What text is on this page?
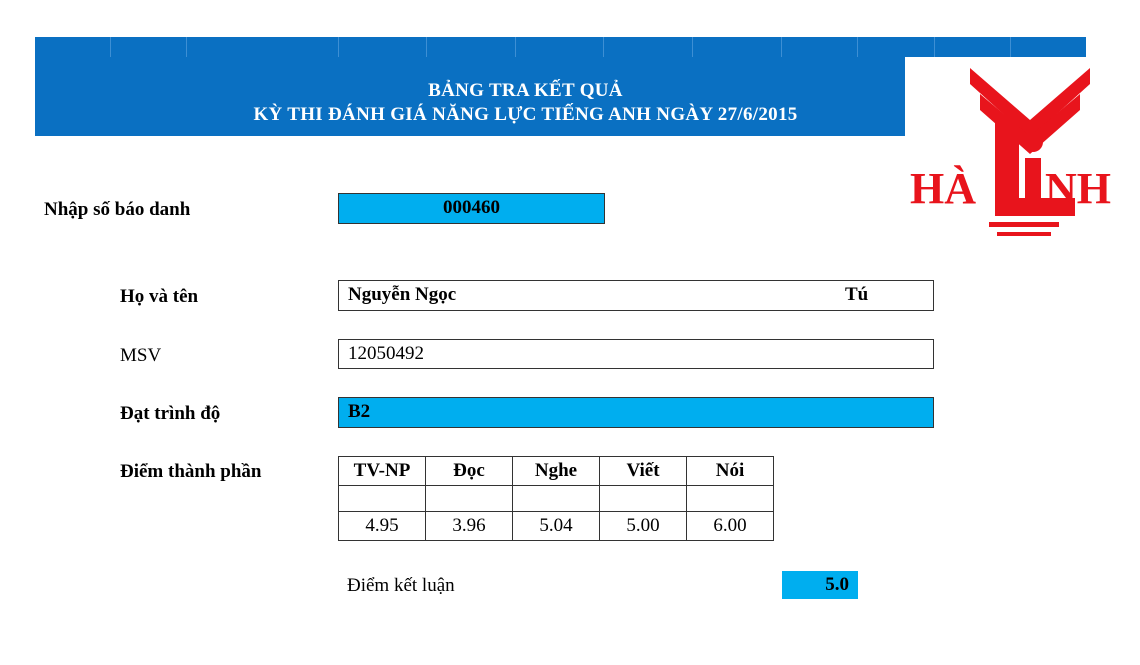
BẢNG TRA KẾT QUẢ
KỲ THI ĐÁNH GIÁ NĂNG LỰC TIẾNG ANH NGÀY 27/6/2015
HÀ NH
Nhập số báo danh	000460
Họ và tên	Nguyễn Ngọc	Tú
MSV	12050492
Đạt trình độ	B2
Điểm thành phần	TV-NP	Đọc	Nghe	Viết	Nói

4.95	3.96	5.04	5.00	6.00
Điểm kết luận	5.0
